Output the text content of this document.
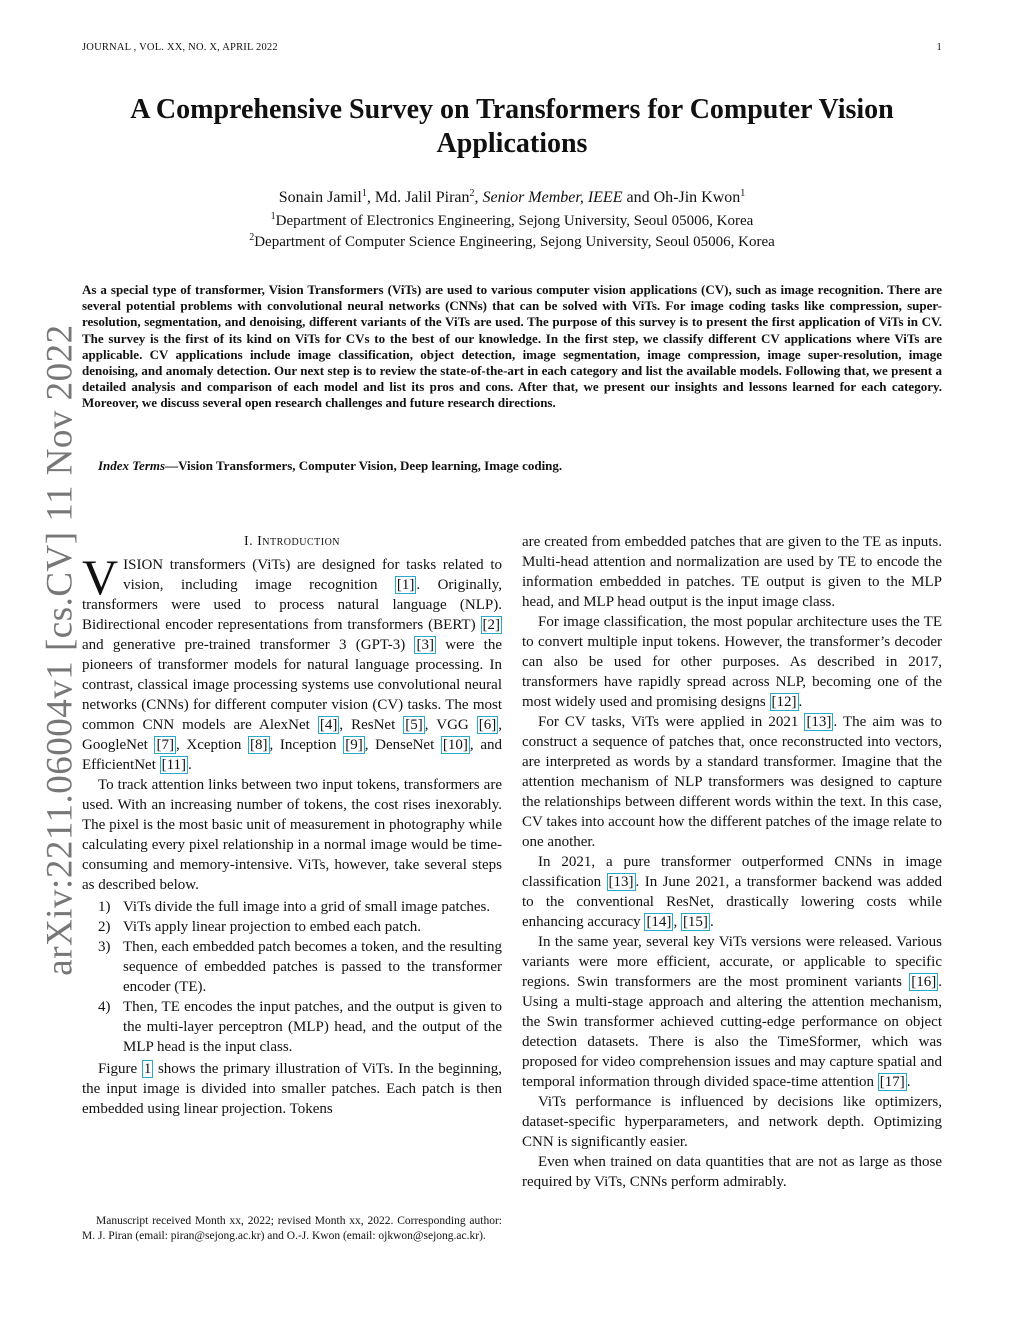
JOURNAL , VOL. XX, NO. X, APRIL 2022	1
arXiv:2211.06004v1 [cs.CV] 11 Nov 2022
A Comprehensive Survey on Transformers for Computer Vision Applications
Sonain Jamil$^1$, Md. Jalil Piran$^2$, Senior Member, IEEE and Oh-Jin Kwon$^1$
$^1$Department of Electronics Engineering, Sejong University, Seoul 05006, Korea
$^2$Department of Computer Science Engineering, Sejong University, Seoul 05006, Korea

As a special type of transformer, Vision Transformers (ViTs) are used to various computer vision applications (CV), such as image recognition. There are several potential problems with convolutional neural networks (CNNs) that can be solved with ViTs. For image coding tasks like compression, super-resolution, segmentation, and denoising, different variants of the ViTs are used. The purpose of this survey is to present the first application of ViTs in CV. The survey is the first of its kind on ViTs for CVs to the best of our knowledge. In the first step, we classify different CV applications where ViTs are applicable. CV applications include image classification, object detection, image segmentation, image compression, image super-resolution, image denoising, and anomaly detection. Our next step is to review the state-of-the-art in each category and list the available models. Following that, we present a detailed analysis and comparison of each model and list its pros and cons. After that, we present our insights and lessons learned for each category. Moreover, we discuss several open research challenges and future research directions.

Index Terms—Vision Transformers, Computer Vision, Deep learning, Image coding.

I. Introduction

VISION transformers (ViTs) are designed for tasks related to vision, including image recognition [1] . Originally, transformers were used to process natural language (NLP). Bidirectional encoder representations from transformers (BERT) [2] and generative pre-trained transformer 3 (GPT-3) [3] were the pioneers of transformer models for natural language processing. In contrast, classical image processing systems use convolutional neural networks (CNNs) for different computer vision (CV) tasks. The most common CNN models are AlexNet [4] , ResNet [5] , VGG [6] , GoogleNet [7] , Xception [8] , Inception [9] , DenseNet [10] , and EfficientNet [11] .

To track attention links between two input tokens, transformers are used. With an increasing number of tokens, the cost rises inexorably. The pixel is the most basic unit of measurement in photography while calculating every pixel relationship in a normal image would be time-consuming and memory-intensive. ViTs, however, take several steps as described below.

1) ViTs divide the full image into a grid of small image patches.
2) ViTs apply linear projection to embed each patch.
3) Then, each embedded patch becomes a token, and the resulting sequence of embedded patches is passed to the transformer encoder (TE).
4) Then, TE encodes the input patches, and the output is given to the multi-layer perceptron (MLP) head, and the output of the MLP head is the input class.

Figure 1 shows the primary illustration of ViTs. In the beginning, the input image is divided into smaller patches. Each patch is then embedded using linear projection. Tokens

are created from embedded patches that are given to the TE as inputs. Multi-head attention and normalization are used by TE to encode the information embedded in patches. TE output is given to the MLP head, and MLP head output is the input image class.

For image classification, the most popular architecture uses the TE to convert multiple input tokens. However, the transformer’s decoder can also be used for other purposes. As described in 2017, transformers have rapidly spread across NLP, becoming one of the most widely used and promising designs [12] .

For CV tasks, ViTs were applied in 2021 [13] . The aim was to construct a sequence of patches that, once reconstructed into vectors, are interpreted as words by a standard transformer. Imagine that the attention mechanism of NLP transformers was designed to capture the relationships between different words within the text. In this case, CV takes into account how the different patches of the image relate to one another.

In 2021, a pure transformer outperformed CNNs in image classification [13] . In June 2021, a transformer backend was added to the conventional ResNet, drastically lowering costs while enhancing accuracy [14] , [15] .

In the same year, several key ViTs versions were released. Various variants were more efficient, accurate, or applicable to specific regions. Swin transformers are the most prominent variants [16] . Using a multi-stage approach and altering the attention mechanism, the Swin transformer achieved cutting-edge performance on object detection datasets. There is also the TimeSformer, which was proposed for video comprehension issues and may capture spatial and temporal information through divided space-time attention [17] .

ViTs performance is influenced by decisions like optimizers, dataset-specific hyperparameters, and network depth. Optimizing CNN is significantly easier.

Even when trained on data quantities that are not as large as those required by ViTs, CNNs perform admirably.

Manuscript received Month xx, 2022; revised Month xx, 2022. Corresponding author: M. J. Piran (email: piran@sejong.ac.kr) and O.-J. Kwon (email: ojkwon@sejong.ac.kr).
